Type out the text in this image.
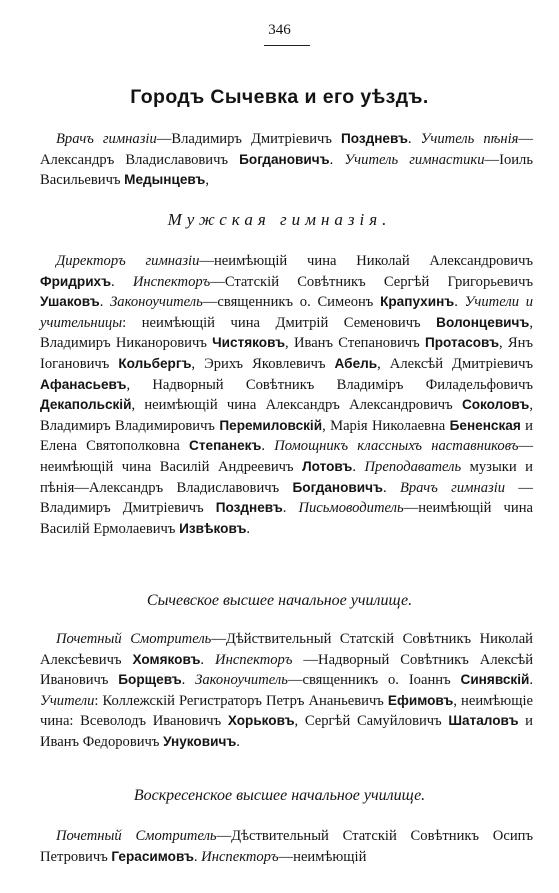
346
Городъ Сычевка и его уѣздъ.
Врачъ гимназіи—Владимиръ Дмитріевичъ Поздневъ. Учитель пѣнія—Александръ Владиславовичъ Богдановичъ. Учитель гимнастики—Іоиль Васильевичъ Медынцевъ,
Мужская гимназія.
Директоръ гимназіи—неимѣющій чина Николай Александровичъ Фридрихъ. Инспекторъ—Статскій Совѣтникъ Сергѣй Григорьевичъ Ушаковъ. Законоучитель—священникъ о. Симеонъ Крапухинъ. Учители и учительницы: неимѣющій чина Дмитрій Семеновичъ Волонцевичъ, Владимиръ Никаноровичъ Чистяковъ, Иванъ Степановичъ Протасовъ, Янъ Іогановичъ Кольбергъ, Эрихъ Яковлевичъ Абель, Алексѣй Дмитріевичъ Афанасьевъ, Надворный Совѣтникъ Владиміръ Филадельфовичъ Декапольскій, неимѣющій чина Александръ Александровичъ Соколовъ, Владимиръ Владимировичъ Перемиловскій, Марія Николаевна Бененская и Елена Святополковна Степанекъ. Помощникъ классныхъ наставниковъ—неимѣющій чина Василій Андреевичъ Лотовъ. Преподаватель музыки и пѣнія—Александръ Владиславовичъ Богдановичъ. Врачъ гимназіи —Владимиръ Дмитріевичъ Поздневъ. Письмоводитель—неимѣющій чина Василій Ермолаевичъ Извѣковъ.
Сычевское высшее начальное училище.
Почетный Смотритель—Дѣйствительный Статскій Совѣтникъ Николай Алексѣевичъ Хомяковъ. Инспекторъ —Надворный Совѣтникъ Алексѣй Ивановичъ Борщевъ. Законоучитель—священникъ о. Іоаннъ Синявскій. Учители: Коллежскій Регистраторъ Петръ Ананьевичъ Ефимовъ, неимѣющіе чина: Всеволодъ Ивановичъ Хорьковъ, Сергѣй Самуйловичъ Шаталовъ и Иванъ Федоровичъ Унуковичъ.
Воскресенское высшее начальное училище.
Почетный Смотритель—Дѣствительный Статскій Совѣтникъ Осипъ Петровичъ Герасимовъ. Инспекторъ—неимѣющій
